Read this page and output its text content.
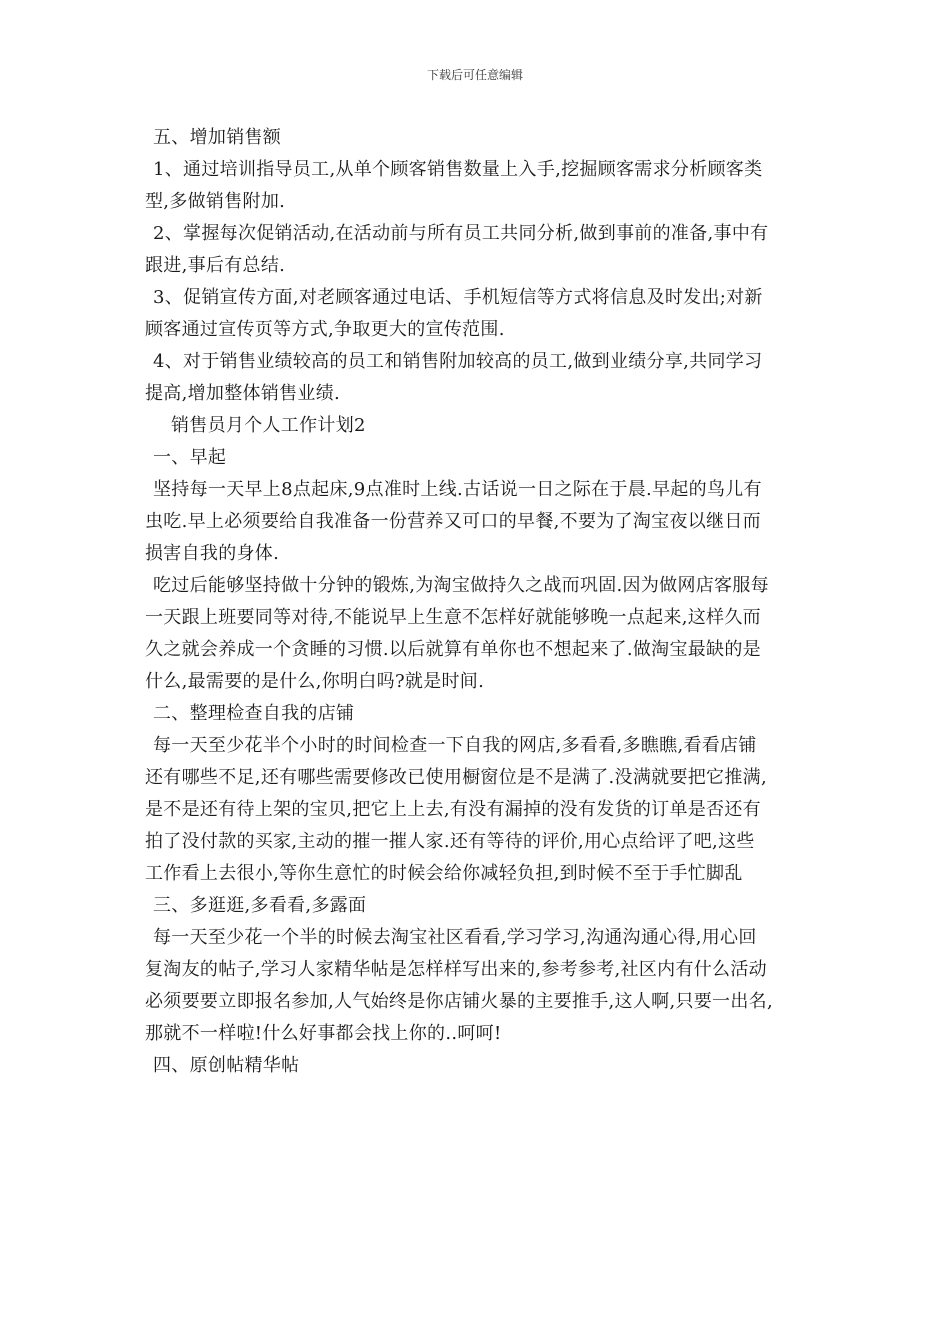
下载后可任意编辑
五、增加销售额
1、通过培训指导员工,从单个顾客销售数量上入手,挖掘顾客需求分析顾客类
型,多做销售附加.
2、掌握每次促销活动,在活动前与所有员工共同分析,做到事前的准备,事中有
跟进,事后有总结.
3、促销宣传方面,对老顾客通过电话、手机短信等方式将信息及时发出;对新
顾客通过宣传页等方式,争取更大的宣传范围.
4、对于销售业绩较高的员工和销售附加较高的员工,做到业绩分享,共同学习
提高,增加整体销售业绩.
销售员月个人工作计划2
一、早起
坚持每一天早上8点起床,9点准时上线.古话说一日之际在于晨.早起的鸟儿有
虫吃.早上必须要给自我准备一份营养又可口的早餐,不要为了淘宝夜以继日而
损害自我的身体.
吃过后能够坚持做十分钟的锻炼,为淘宝做持久之战而巩固.因为做网店客服每
一天跟上班要同等对待,不能说早上生意不怎样好就能够晚一点起来,这样久而
久之就会养成一个贪睡的习惯.以后就算有单你也不想起来了.做淘宝最缺的是
什么,最需要的是什么,你明白吗?就是时间.
二、整理检查自我的店铺
每一天至少花半个小时的时间检查一下自我的网店,多看看,多瞧瞧,看看店铺
还有哪些不足,还有哪些需要修改已使用橱窗位是不是满了.没满就要把它推满,
是不是还有待上架的宝贝,把它上上去,有没有漏掉的没有发货的订单是否还有
拍了没付款的买家,主动的摧一摧人家.还有等待的评价,用心点给评了吧,这些
工作看上去很小,等你生意忙的时候会给你减轻负担,到时候不至于手忙脚乱
三、多逛逛,多看看,多露面
每一天至少花一个半的时候去淘宝社区看看,学习学习,沟通沟通心得,用心回
复淘友的帖子,学习人家精华帖是怎样样写出来的,参考参考,社区内有什么活动
必须要要立即报名参加,人气始终是你店铺火暴的主要推手,这人啊,只要一出名,
那就不一样啦!什么好事都会找上你的..呵呵!
四、原创帖精华帖
